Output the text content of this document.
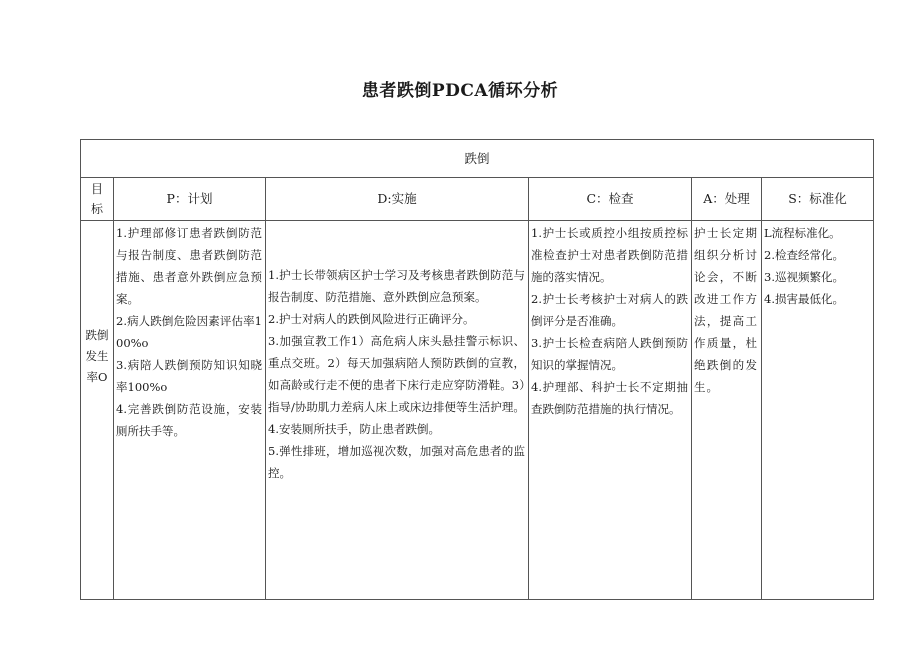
患者跌倒PDCA循环分析
跌倒					

目
标	P：计划	D:实施	C：检查	A：处理	S：标准化

跌倒
发生
率O	1.护理部修订患者跌倒防范与报告制度、患者跌倒防范措施、患者意外跌倒应急预案。
2.病人跌倒危险因素评估率100%o
3.病陪人跌倒预防知识知晓率100%o
4.完善跌倒防范设施，安装厕所扶手等。	1.护士长带领病区护士学习及考核患者跌倒防范与报告制度、防范措施、意外跌倒应急预案。
2.护士对病人的跌倒风险进行正确评分。
3.加强宣教工作1）高危病人床头悬挂警示标识、重点交班。2）每天加强病陪人预防跌倒的宣教，如高龄或行走不便的患者下床行走应穿防滑鞋。3）指导/协助肌力差病人床上或床边排便等生活护理。
4.安装厕所扶手，防止患者跌倒。
5.弹性排班，增加巡视次数，加强对高危患者的监控。	1.护士长或质控小组按质控标准检查护士对患者跌倒防范措施的落实情况。
2.护士长考核护士对病人的跌倒评分是否准确。
3.护士长检查病陪人跌倒预防知识的掌握情况。
4.护理部、科护士长不定期抽查跌倒防范措施的执行情况。	护士长定期组织分析讨论会，不断改进工作方法，提高工作质量，杜绝跌倒的发生。	L流程标准化。
2.检查经常化。
3.巡视频繁化。
4.损害最低化。
